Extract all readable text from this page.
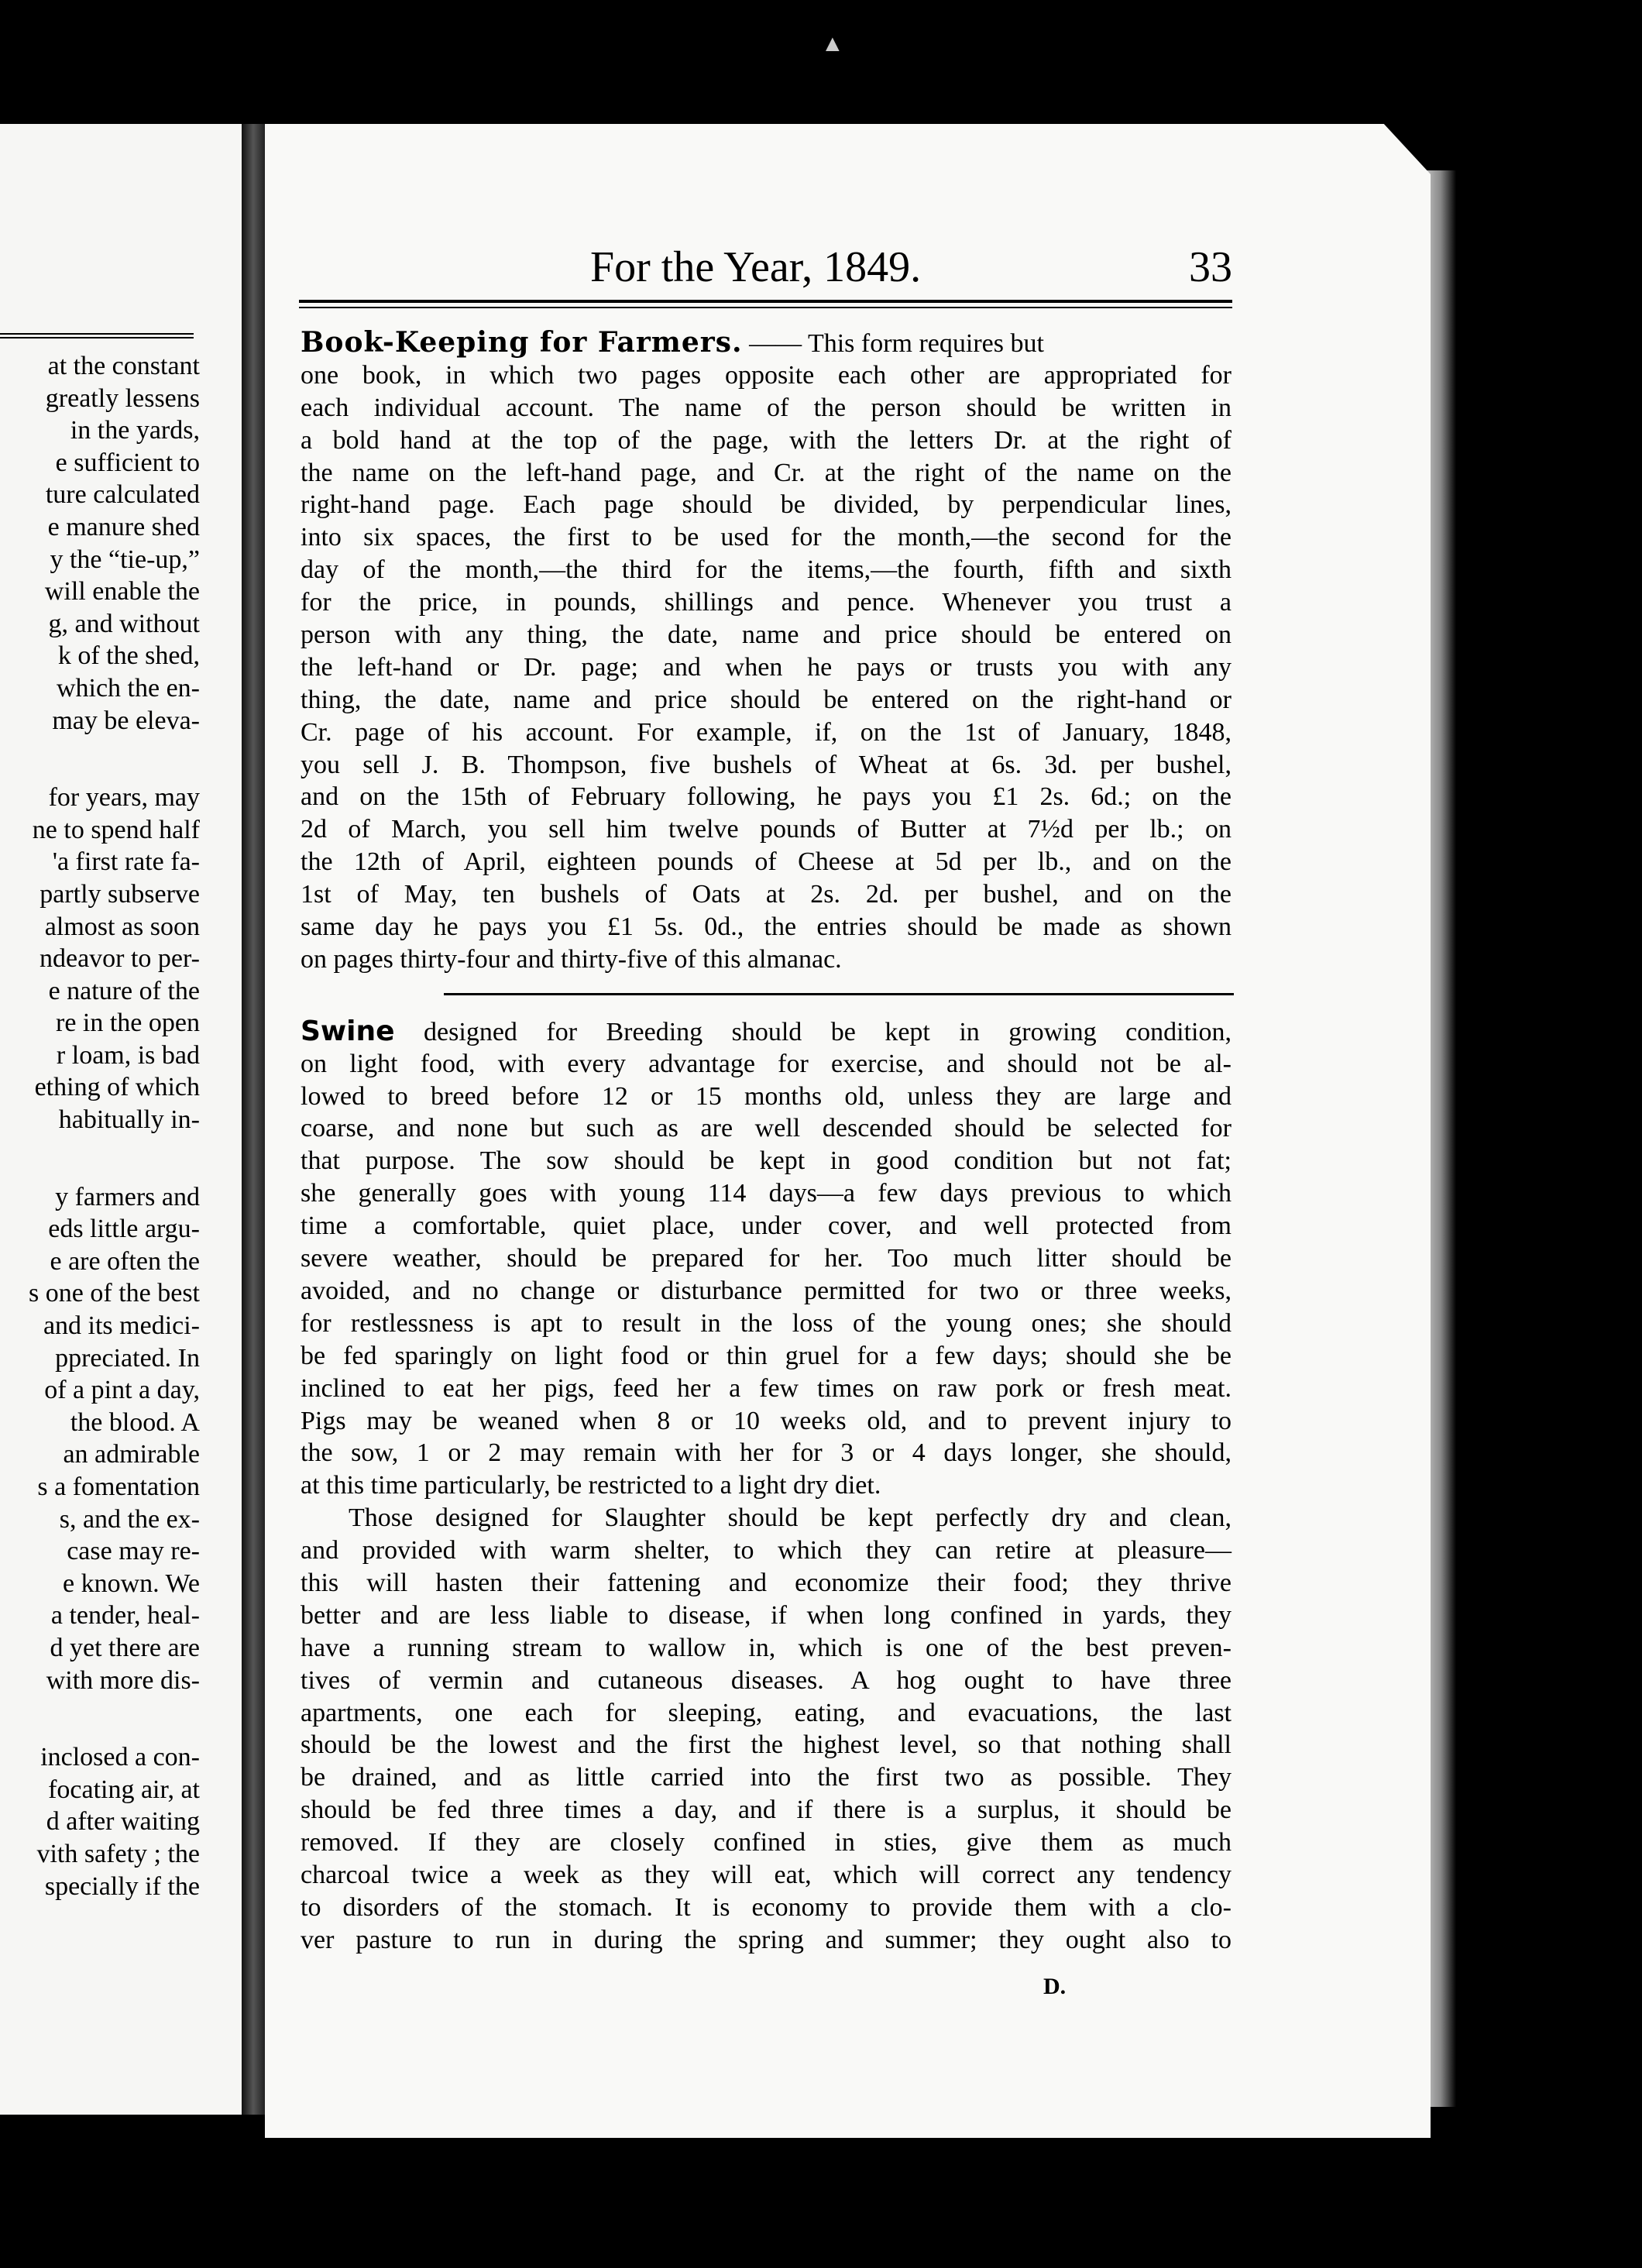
▲
at the constant
greatly lessens
in the yards,
e sufficient to
ture calculated
e manure shed
y the “tie-up,”
will enable the
g, and without
k of the shed,
which the en-
may be eleva-
for years, may
ne to spend half
'a first rate fa-
partly subserve
almost as soon
ndeavor to per-
e nature of the
re in the open
r loam, is bad
ething of which
habitually in-
y farmers and
eds little argu-
e are often the
s one of the best
and its medici-
ppreciated. In
of a pint a day,
the blood. A
an admirable
s a fomentation
s, and the ex-
case may re-
e known. We
a tender, heal-
d yet there are
with more dis-
inclosed a con-
focating air, at
d after waiting
vith safety ; the
specially if the
For the Year, 1849.	33
Book-Keeping for Farmers. —— This form requires but
one book, in which two pages opposite each other are appropriated for
each individual account. The name of the person should be written in
a bold hand at the top of the page, with the letters Dr. at the right of
the name on the left-hand page, and Cr. at the right of the name on the
right-hand page. Each page should be divided, by perpendicular lines,
into six spaces, the first to be used for the month,—the second for the
day of the month,—the third for the items,—the fourth, fifth and sixth
for the price, in pounds, shillings and pence. Whenever you trust a
person with any thing, the date, name and price should be entered on
the left-hand or Dr. page; and when he pays or trusts you with any
thing, the date, name and price should be entered on the right-hand or
Cr. page of his account. For example, if, on the 1st of January, 1848,
you sell J. B. Thompson, five bushels of Wheat at 6s. 3d. per bushel,
and on the 15th of February following, he pays you £1 2s. 6d.; on the
2d of March, you sell him twelve pounds of Butter at 7½d per lb.; on
the 12th of April, eighteen pounds of Cheese at 5d per lb., and on the
1st of May, ten bushels of Oats at 2s. 2d. per bushel, and on the
same day he pays you £1 5s. 0d., the entries should be made as shown
on pages thirty-four and thirty-five of this almanac.
Swine designed for Breeding should be kept in growing condition,
on light food, with every advantage for exercise, and should not be al-
lowed to breed before 12 or 15 months old, unless they are large and
coarse, and none but such as are well descended should be selected for
that purpose. The sow should be kept in good condition but not fat;
she generally goes with young 114 days—a few days previous to which
time a comfortable, quiet place, under cover, and well protected from
severe weather, should be prepared for her. Too much litter should be
avoided, and no change or disturbance permitted for two or three weeks,
for restlessness is apt to result in the loss of the young ones; she should
be fed sparingly on light food or thin gruel for a few days; should she be
inclined to eat her pigs, feed her a few times on raw pork or fresh meat.
Pigs may be weaned when 8 or 10 weeks old, and to prevent injury to
the sow, 1 or 2 may remain with her for 3 or 4 days longer, she should,
at this time particularly, be restricted to a light dry diet.
Those designed for Slaughter should be kept perfectly dry and clean,
and provided with warm shelter, to which they can retire at pleasure—
this will hasten their fattening and economize their food; they thrive
better and are less liable to disease, if when long confined in yards, they
have a running stream to wallow in, which is one of the best preven-
tives of vermin and cutaneous diseases. A hog ought to have three
apartments, one each for sleeping, eating, and evacuations, the last
should be the lowest and the first the highest level, so that nothing shall
be drained, and as little carried into the first two as possible. They
should be fed three times a day, and if there is a surplus, it should be
removed. If they are closely confined in sties, give them as much
charcoal twice a week as they will eat, which will correct any tendency
to disorders of the stomach. It is economy to provide them with a clo-
ver pasture to run in during the spring and summer; they ought also to
D.
